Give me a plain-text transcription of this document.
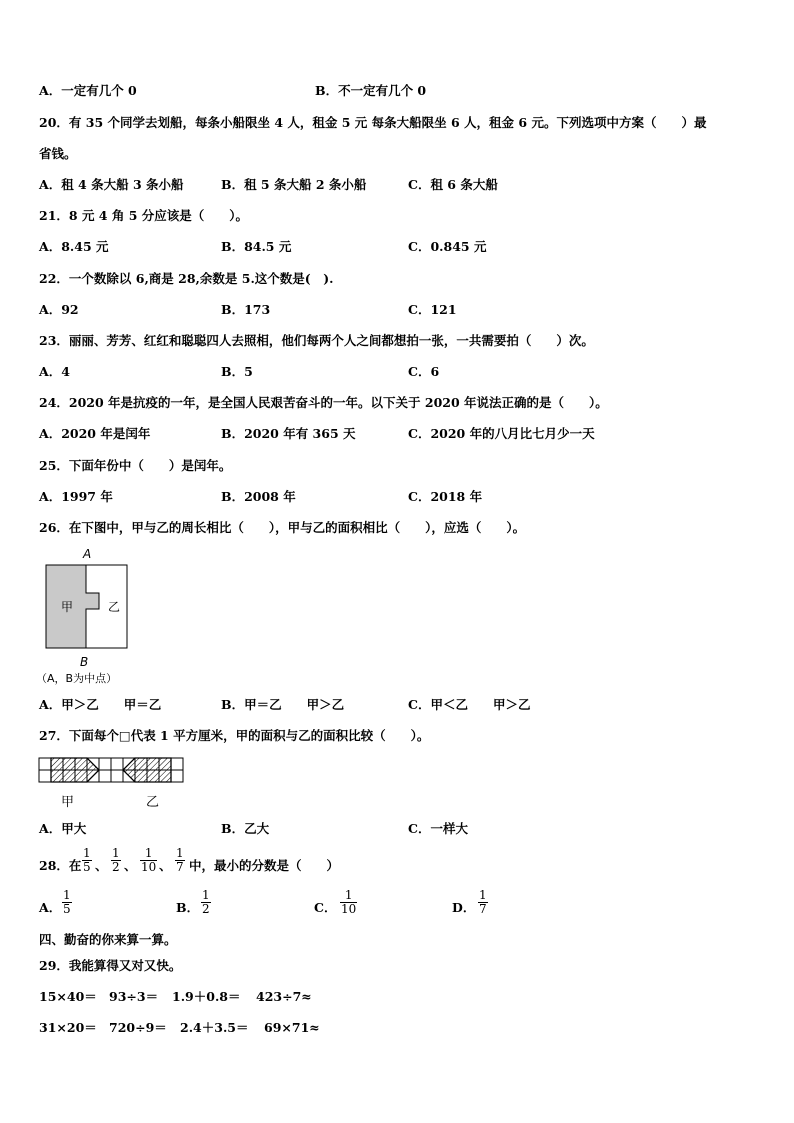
A．一定有几个 0	B．不一定有几个 0
20．有 35 个同学去划船，每条小船限坐 4 人，租金 5 元 每条大船限坐 6 人，租金 6 元。下列选项中方案（　　）最
省钱。
A．租 4 条大船 3 条小船	B．租 5 条大船 2 条小船	C．租 6 条大船
21．8 元 4 角 5 分应该是（　　）。
A．8.45 元	B．84.5 元	C．0.845 元
22．一个数除以 6,商是 28,余数是 5.这个数是(　).
A．92	B．173	C．121
23．丽丽、芳芳、红红和聪聪四人去照相，他们每两个人之间都想拍一张，一共需要拍（　　）次。
A．4	B．5	C．6
24．2020 年是抗疫的一年，是全国人民艰苦奋斗的一年。以下关于 2020 年说法正确的是（　　）。
A．2020 年是闰年	B．2020 年有 365 天	C．2020 年的八月比七月少一天
25．下面年份中（　　）是闰年。
A．1997 年	B．2008 年	C．2018 年
26．在下图中，甲与乙的周长相比（　　），甲与乙的面积相比（　　），应选（　　）。
A
甲	乙
B
（A，B为中点）
A．甲＞乙　　甲＝乙	B．甲＝乙　　甲＞乙	C．甲＜乙　　甲＞乙
27．下面每个□代表 1 平方厘米，甲的面积与乙的面积比较（　　）。
甲	乙
A．甲大	B．乙大	C．一样大
28．在
1
5 、
1
2 、
1
10 、
1
7 中，最小的分数是（　　）
A．
1
5	B．
1
2	C．
1
10	D．
1
7
四、勤奋的你来算一算。
29．我能算得又对又快。
15×40＝ 93÷3＝ 1.9＋0.8＝ 423÷7≈
31×20＝ 720÷9＝ 2.4＋3.5＝ 69×71≈
